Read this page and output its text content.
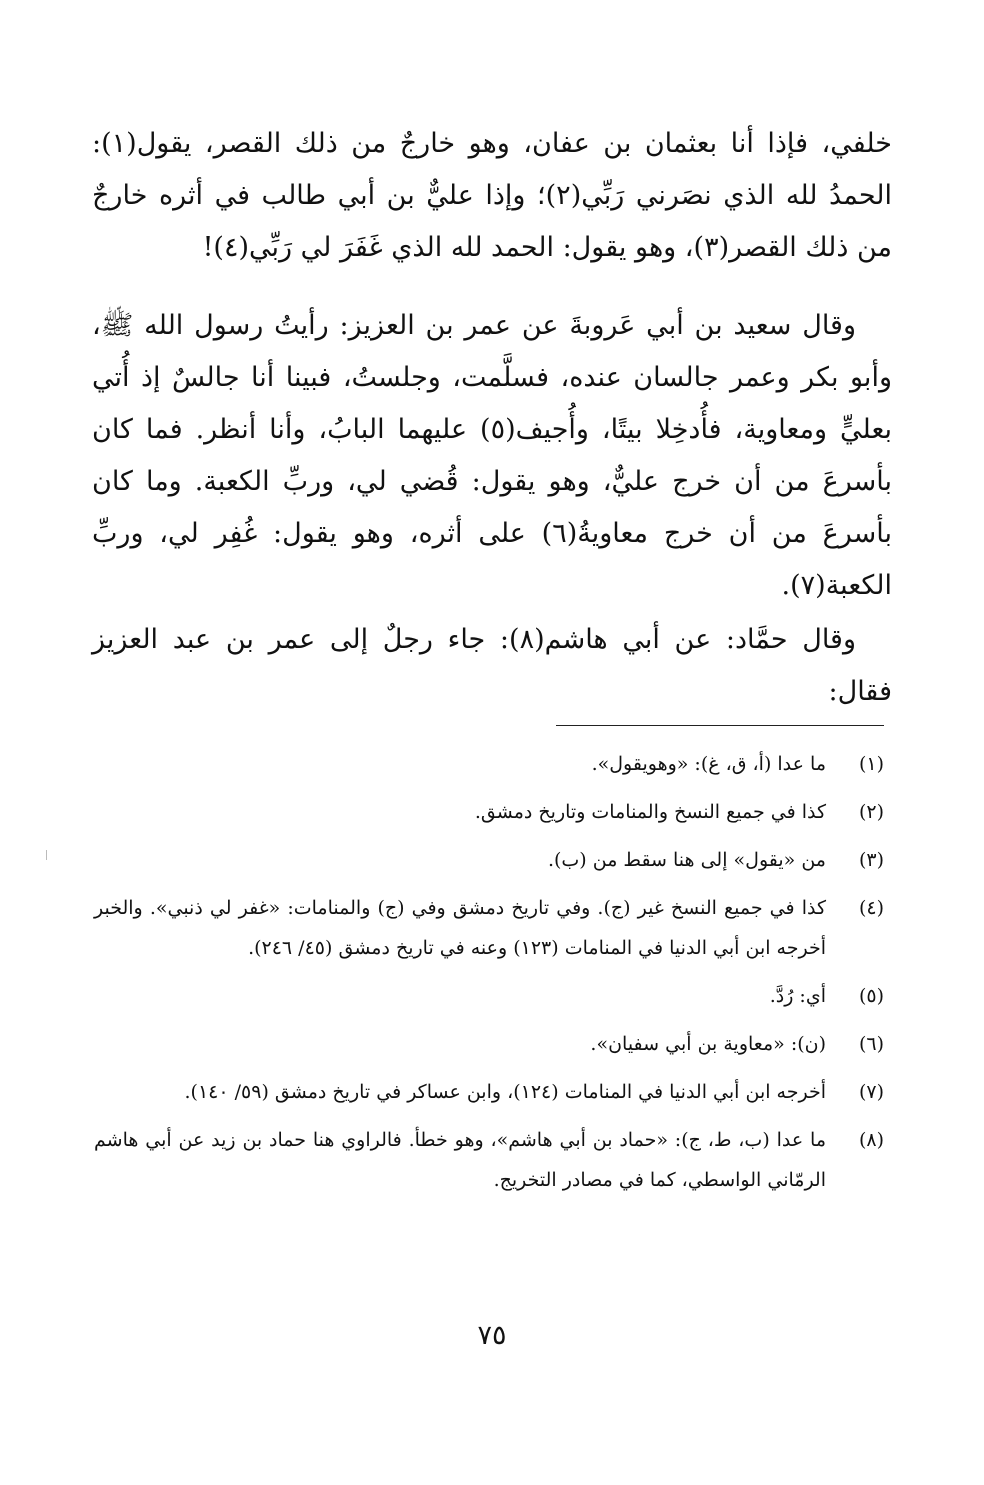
خلفي، فإذا أنا بعثمان بن عفان، وهو خارجٌ من ذلك القصر، يقول(١): الحمدُ لله الذي نصَرني رَبِّي(٢)؛ وإذا عليٌّ بن أبي طالب في أثره خارجٌ من ذلك القصر(٣)، وهو يقول: الحمد لله الذي غَفَرَ لي رَبِّي(٤)!

وقال سعيد بن أبي عَروبةَ عن عمر بن العزيز: رأيتُ رسول الله ﷺ، وأبو بكر وعمر جالسان عنده، فسلَّمت، وجلستُ، فبينا أنا جالسٌ إذ أُتي بعليٍّ ومعاوية، فأُدخِلا بيتًا، وأُجيف(٥) عليهما البابُ، وأنا أنظر. فما كان بأسرعَ من أن خرج عليٌّ، وهو يقول: قُضي لي، وربِّ الكعبة. وما كان بأسرعَ من أن خرج معاويةُ(٦) على أثره، وهو يقول: غُفِر لي، وربِّ الكعبة(٧).

وقال حمَّاد: عن أبي هاشم(٨): جاء رجلٌ إلى عمر بن عبد العزيز فقال:

(١)
ما عدا (أ، ق، غ): «وهويقول».
(٢)
كذا في جميع النسخ والمنامات وتاريخ دمشق.
(٣)
من «يقول» إلى هنا سقط من (ب).
(٤)
كذا في جميع النسخ غير (ج). وفي تاريخ دمشق وفي (ج) والمنامات: «غفر لي ذنبي». والخبر أخرجه ابن أبي الدنيا في المنامات (١٢٣) وعنه في تاريخ دمشق (٤٥/ ٢٤٦).
(٥)
أي: رُدَّ.
(٦)
(ن): «معاوية بن أبي سفيان».
(٧)
أخرجه ابن أبي الدنيا في المنامات (١٢٤)، وابن عساكر في تاريخ دمشق (٥٩/ ١٤٠).
(٨)
ما عدا (ب، ط، ج): «حماد بن أبي هاشم»، وهو خطأ. فالراوي هنا حماد بن زيد عن أبي هاشم الرمّاني الواسطي، كما في مصادر التخريج.
٧٥
